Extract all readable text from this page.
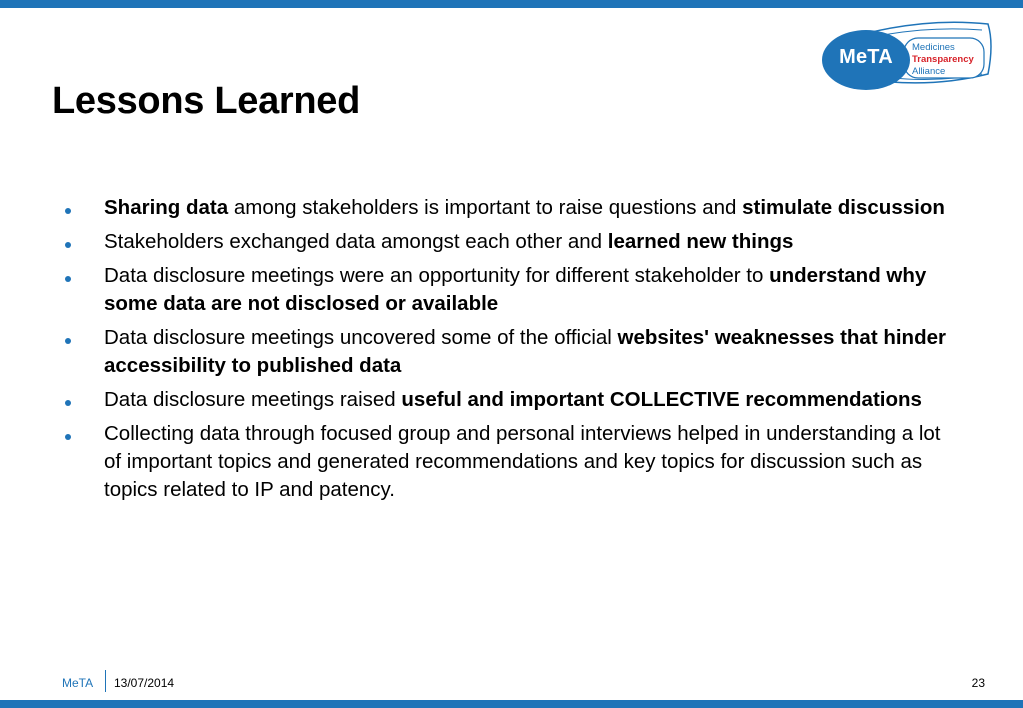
Lessons Learned
MeTA	Medicines
Transparency
Alliance
Sharing data among stakeholders is important to raise questions and stimulate discussion
Stakeholders exchanged data amongst each other and learned new things
Data disclosure meetings were an opportunity for different stakeholder to understand why some data are not disclosed or available
Data disclosure meetings uncovered some of the official websites' weaknesses that hinder accessibility to published data
Data disclosure meetings raised useful and important COLLECTIVE recommendations
Collecting data through focused group and personal interviews helped in understanding a lot of important topics and generated recommendations and key topics for discussion such as topics related to IP and patency.
MeTA 13/07/2014	23
